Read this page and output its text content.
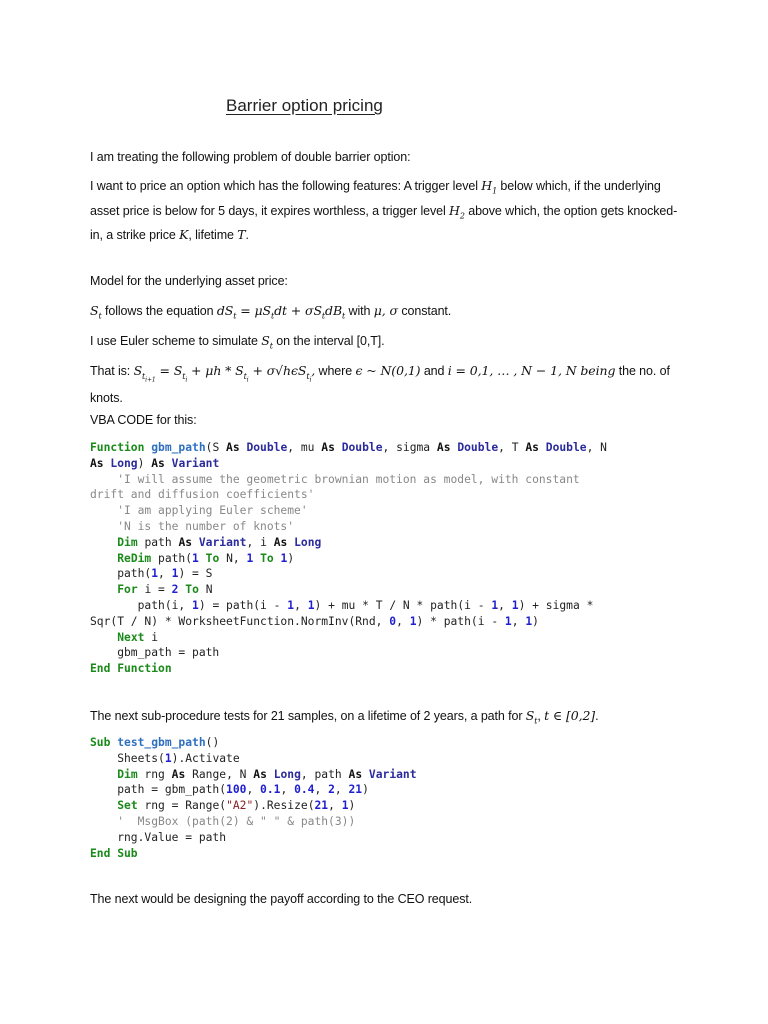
Barrier option pricing
I am treating the following problem of double barrier option:
I want to price an option which has the following features: A trigger level $H_1$ below which, if the underlying asset price is below for 5 days, it expires worthless, a trigger level $H_2$ above which, the option gets knocked-in, a strike price K, lifetime T.
Model for the underlying asset price:
$S_t$ follows the equation $dS_t = \mu S_tdt + \sigma S_tdB_t$ with μ, σ constant.
I use Euler scheme to simulate $S_t$ on the interval [0,T].
That is: $S_{t_{i+1}} = S_{t_i} + \mu h * S_{t_i} + \sigma√h\epsilon S_{t_i}$, where ϵ ~ N(0,1) and i = 0,1, … , N − 1, N being the no. of knots.
VBA CODE for this:
Function gbm_path(S As Double, mu As Double, sigma As Double, T As Double, N
As Long) As Variant
'I will assume the geometric brownian motion as model, with constant
drift and diffusion coefficients'
'I am applying Euler scheme'
'N is the number of knots'
Dim path As Variant, i As Long
ReDim path(1 To N, 1 To 1)
path(1, 1) = S
For i = 2 To N
path(i, 1) = path(i - 1, 1) + mu * T / N * path(i - 1, 1) + sigma *
Sqr(T / N) * WorksheetFunction.NormInv(Rnd, 0, 1) * path(i - 1, 1)
Next i
gbm_path = path
End Function
The next sub-procedure tests for 21 samples, on a lifetime of 2 years, a path for $S_t$, t ∈ [0,2].
Sub test_gbm_path()
Sheets(1).Activate
Dim rng As Range, N As Long, path As Variant
path = gbm_path(100, 0.1, 0.4, 2, 21)
Set rng = Range("A2").Resize(21, 1)
'  MsgBox (path(2) & " " & path(3))
rng.Value = path
End Sub
The next would be designing the payoff according to the CEO request.
